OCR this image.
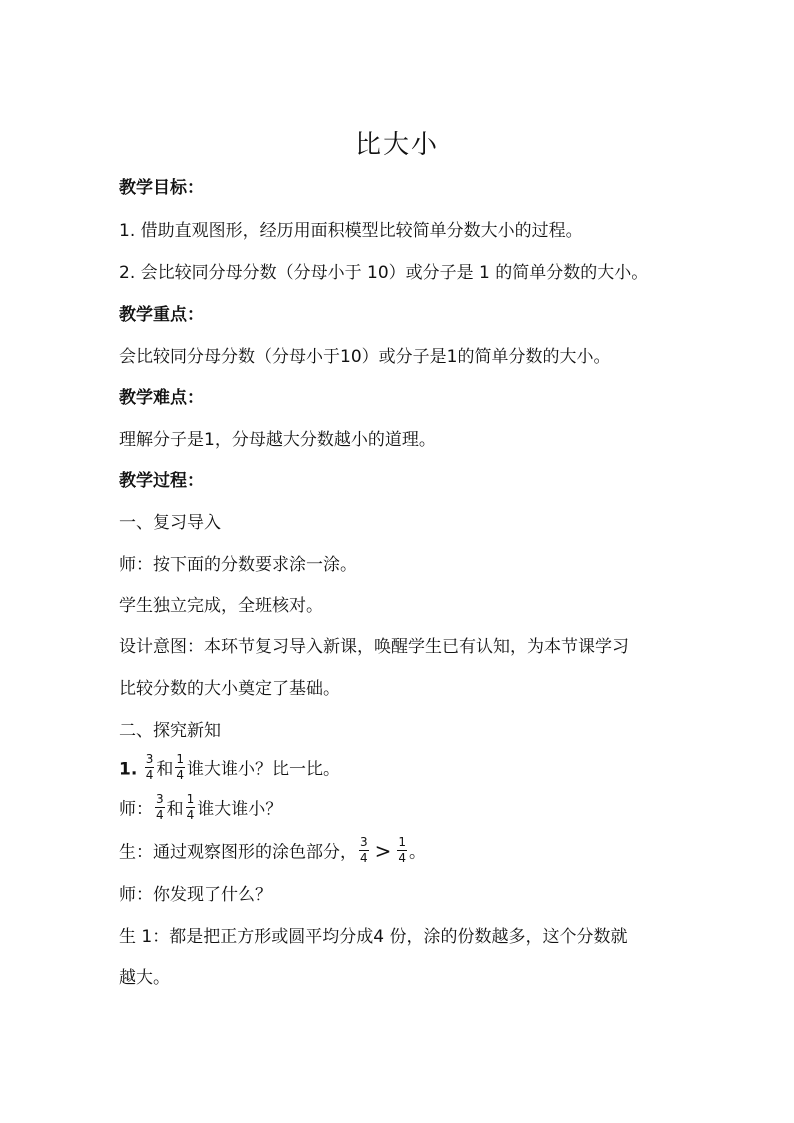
比大小
教学目标：
1. 借助直观图形，经历用面积模型比较简单分数大小的过程。
2. 会比较同分母分数（分母小于 10）或分子是 1 的简单分数的大小。
教学重点：
会比较同分母分数（分母小于10）或分子是1的简单分数的大小。
教学难点：
理解分子是1，分母越大分数越小的道理。
教学过程：
一、复习导入
师：按下面的分数要求涂一涂。
学生独立完成，全班核对。
设计意图：本环节复习导入新课，唤醒学生已有认知，为本节课学习
比较分数的大小奠定了基础。
二、探究新知
1. $\frac{3}{4}$ 和 $\frac{1}{4}$ 谁大谁小？比一比。
师： $\frac{3}{4}$ 和 $\frac{1}{4}$ 谁大谁小？
生：通过观察图形的涂色部分， $\frac{3}{4} > \frac{1}{4}$ 。
师：你发现了什么？
生 1：都是把正方形或圆平均分成4 份，涂的份数越多，这个分数就
越大。
